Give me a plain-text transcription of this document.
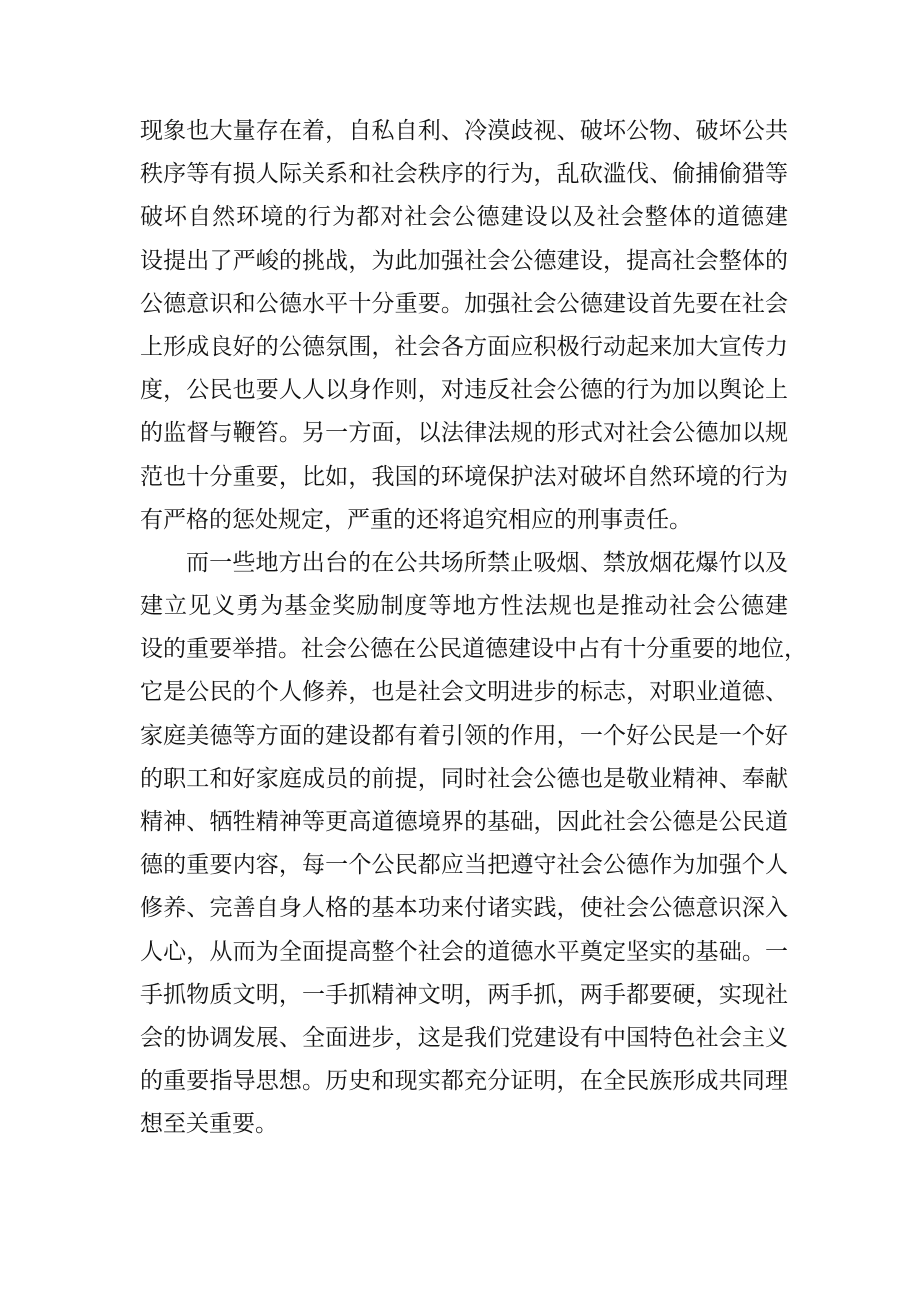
现象也大量存在着，自私自利、冷漠歧视、破坏公物、破坏公共
秩序等有损人际关系和社会秩序的行为，乱砍滥伐、偷捕偷猎等
破坏自然环境的行为都对社会公德建设以及社会整体的道德建
设提出了严峻的挑战，为此加强社会公德建设，提高社会整体的
公德意识和公德水平十分重要。加强社会公德建设首先要在社会
上形成良好的公德氛围，社会各方面应积极行动起来加大宣传力
度，公民也要人人以身作则，对违反社会公德的行为加以舆论上
的监督与鞭笞。另一方面，以法律法规的形式对社会公德加以规
范也十分重要，比如，我国的环境保护法对破坏自然环境的行为
有严格的惩处规定，严重的还将追究相应的刑事责任。
而一些地方出台的在公共场所禁止吸烟、禁放烟花爆竹以及
建立见义勇为基金奖励制度等地方性法规也是推动社会公德建
设的重要举措。社会公德在公民道德建设中占有十分重要的地位，
它是公民的个人修养，也是社会文明进步的标志，对职业道德、
家庭美德等方面的建设都有着引领的作用，一个好公民是一个好
的职工和好家庭成员的前提，同时社会公德也是敬业精神、奉献
精神、牺牲精神等更高道德境界的基础，因此社会公德是公民道
德的重要内容，每一个公民都应当把遵守社会公德作为加强个人
修养、完善自身人格的基本功来付诸实践，使社会公德意识深入
人心，从而为全面提高整个社会的道德水平奠定坚实的基础。一
手抓物质文明，一手抓精神文明，两手抓，两手都要硬，实现社
会的协调发展、全面进步，这是我们党建设有中国特色社会主义
的重要指导思想。历史和现实都充分证明，在全民族形成共同理
想至关重要。
